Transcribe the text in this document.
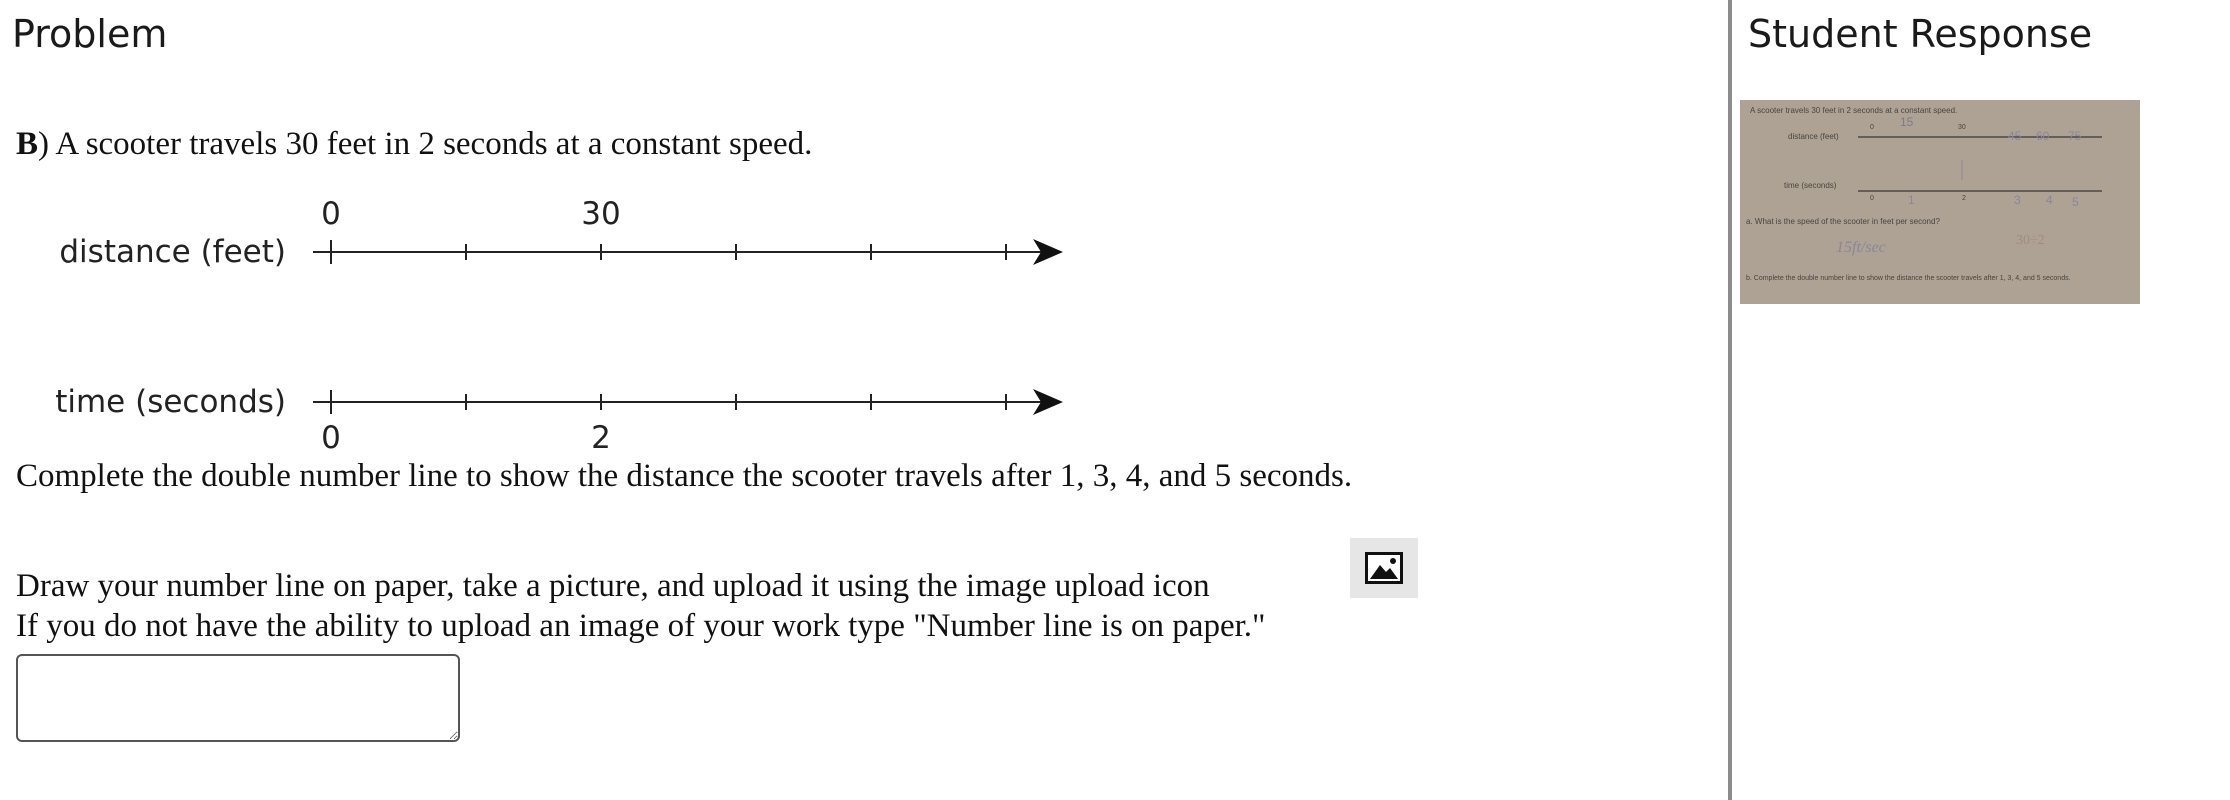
Problem
B) A scooter travels 30 feet in 2 seconds at a constant speed.
distance (feet)
0	30
time (seconds)
0	2
Complete the double number line to show the distance the scooter travels after 1, 3, 4, and 5 seconds.
Draw your number line on paper, take a picture, and upload it using the image upload icon
If you do not have the ability to upload an image of your work type "Number line is on paper."
Student Response
A scooter travels 30 feet in 2 seconds at a constant speed.
distance (feet)
0 15	30
45 60 75
time (seconds)
0	1	2	3 4 5
a. What is the speed of the scooter in feet per second?
15ft/sec	30÷2
b. Complete the double number line to show the distance the scooter travels after 1, 3, 4, and 5 seconds.
